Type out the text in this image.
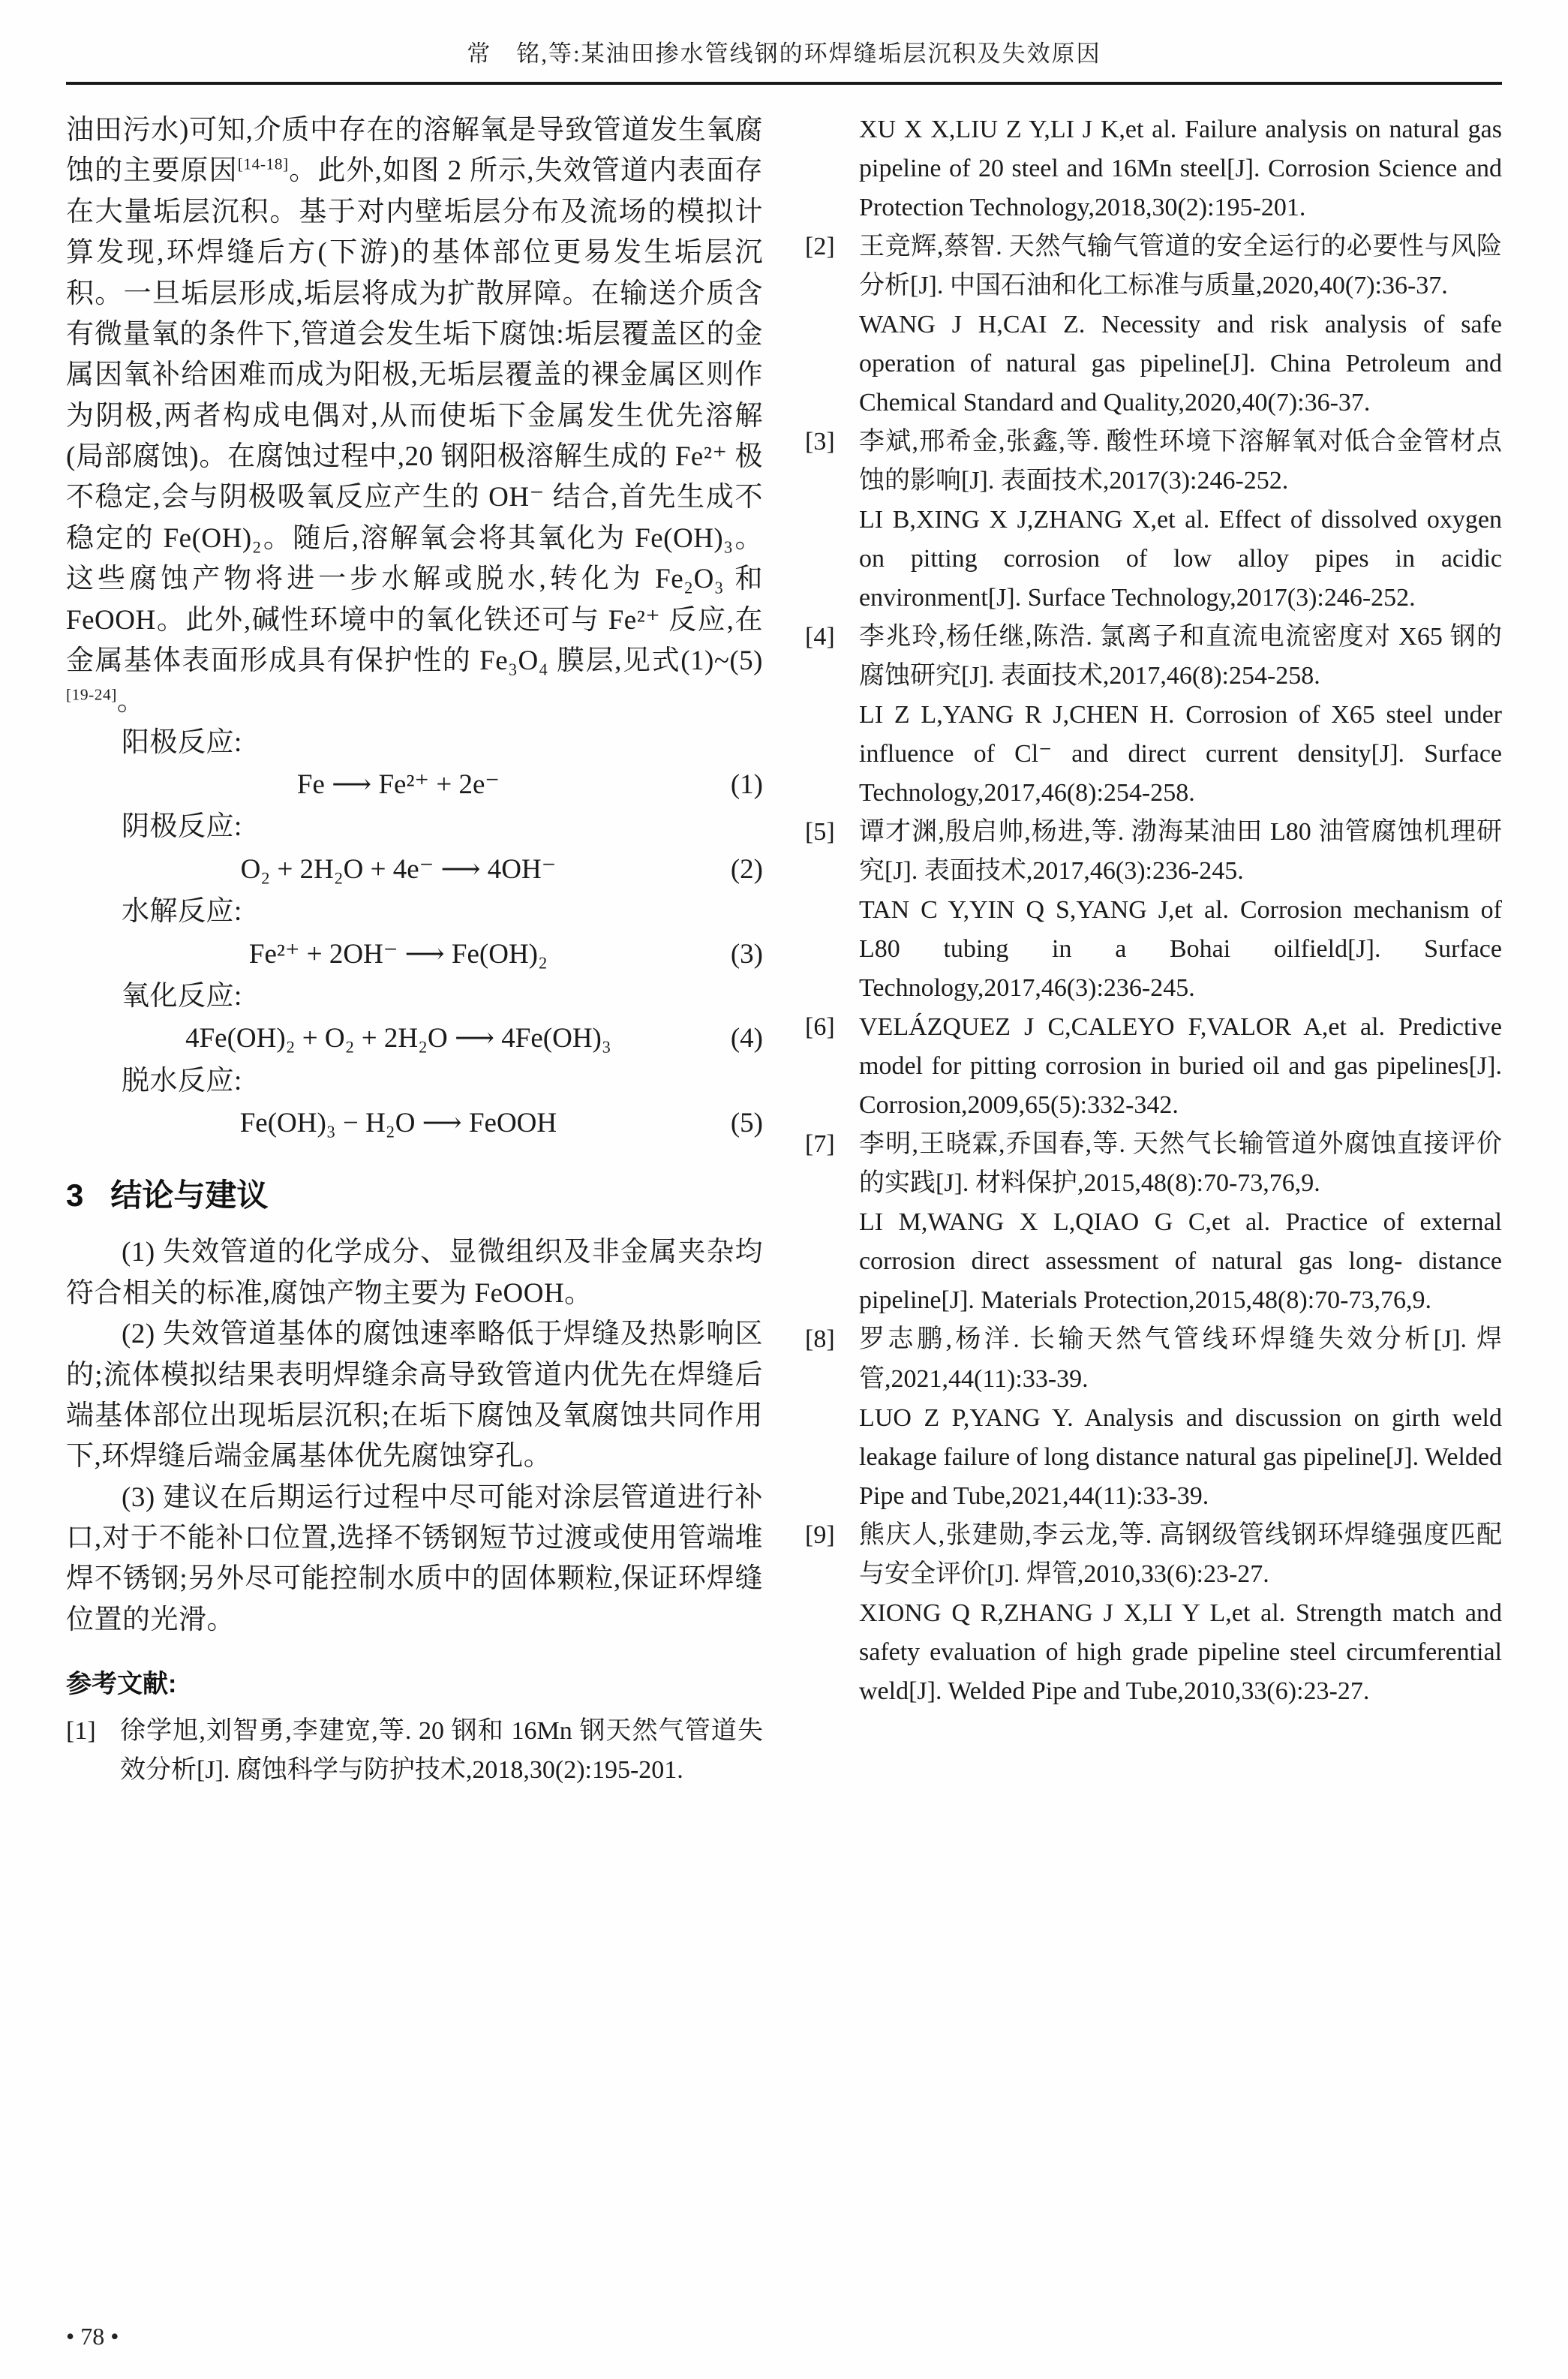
常　铭,等:某油田掺水管线钢的环焊缝垢层沉积及失效原因

油田污水)可知,介质中存在的溶解氧是导致管道发生氧腐蚀的主要原因[14-18]。此外,如图 2 所示,失效管道内表面存在大量垢层沉积。基于对内壁垢层分布及流场的模拟计算发现,环焊缝后方(下游)的基体部位更易发生垢层沉积。一旦垢层形成,垢层将成为扩散屏障。在输送介质含有微量氧的条件下,管道会发生垢下腐蚀:垢层覆盖区的金属因氧补给困难而成为阳极,无垢层覆盖的裸金属区则作为阴极,两者构成电偶对,从而使垢下金属发生优先溶解(局部腐蚀)。在腐蚀过程中,20 钢阳极溶解生成的 Fe²⁺ 极不稳定,会与阴极吸氧反应产生的 OH⁻ 结合,首先生成不稳定的 Fe(OH)₂。随后,溶解氧会将其氧化为 Fe(OH)₃。这些腐蚀产物将进一步水解或脱水,转化为 Fe₂O₃ 和 FeOOH。此外,碱性环境中的氧化铁还可与 Fe²⁺ 反应,在金属基体表面形成具有保护性的 Fe₃O₄ 膜层,见式(1)~(5)[19-24]。

阳极反应:

Fe ⟶ Fe²⁺ + 2e⁻	(1)

阴极反应:

O₂ + 2H₂O + 4e⁻ ⟶ 4OH⁻	(2)

水解反应:

Fe²⁺ + 2OH⁻ ⟶ Fe(OH)₂	(3)

氧化反应:

4Fe(OH)₂ + O₂ + 2H₂O ⟶ 4Fe(OH)₃	(4)

脱水反应:

Fe(OH)₃ − H₂O ⟶ FeOOH	(5)
3 结论与建议

(1) 失效管道的化学成分、显微组织及非金属夹杂均符合相关的标准,腐蚀产物主要为 FeOOH。

(2) 失效管道基体的腐蚀速率略低于焊缝及热影响区的;流体模拟结果表明焊缝余高导致管道内优先在焊缝后端基体部位出现垢层沉积;在垢下腐蚀及氧腐蚀共同作用下,环焊缝后端金属基体优先腐蚀穿孔。

(3) 建议在后期运行过程中尽可能对涂层管道进行补口,对于不能补口位置,选择不锈钢短节过渡或使用管端堆焊不锈钢;另外尽可能控制水质中的固体颗粒,保证环焊缝位置的光滑。

参考文献:
[1] 徐学旭,刘智勇,李建宽,等. 20 钢和 16Mn 钢天然气管道失效分析[J]. 腐蚀科学与防护技术,2018,30(2):195-201.
XU X X,LIU Z Y,LI J K,et al. Failure analysis on natural gas pipeline of 20 steel and 16Mn steel[J]. Corrosion Science and Protection Technology,2018,30(2):195-201.
[2] 王竞辉,蔡智. 天然气输气管道的安全运行的必要性与风险分析[J]. 中国石油和化工标准与质量,2020,40(7):36-37.
WANG J H,CAI Z. Necessity and risk analysis of safe operation of natural gas pipeline[J]. China Petroleum and Chemical Standard and Quality,2020,40(7):36-37.
[3] 李斌,邢希金,张鑫,等. 酸性环境下溶解氧对低合金管材点蚀的影响[J]. 表面技术,2017(3):246-252.
LI B,XING X J,ZHANG X,et al. Effect of dissolved oxygen on pitting corrosion of low alloy pipes in acidic environment[J]. Surface Technology,2017(3):246-252.
[4] 李兆玲,杨任继,陈浩. 氯离子和直流电流密度对 X65 钢的腐蚀研究[J]. 表面技术,2017,46(8):254-258.
LI Z L,YANG R J,CHEN H. Corrosion of X65 steel under influence of Cl⁻ and direct current density[J]. Surface Technology,2017,46(8):254-258.
[5] 谭才渊,殷启帅,杨进,等. 渤海某油田 L80 油管腐蚀机理研究[J]. 表面技术,2017,46(3):236-245.
TAN C Y,YIN Q S,YANG J,et al. Corrosion mechanism of L80 tubing in a Bohai oilfield[J]. Surface Technology,2017,46(3):236-245.
[6] VELÁZQUEZ J C,CALEYO F,VALOR A,et al. Predictive model for pitting corrosion in buried oil and gas pipelines[J]. Corrosion,2009,65(5):332-342.
[7] 李明,王晓霖,乔国春,等. 天然气长输管道外腐蚀直接评价的实践[J]. 材料保护,2015,48(8):70-73,76,9.
LI M,WANG X L,QIAO G C,et al. Practice of external corrosion direct assessment of natural gas long- distance pipeline[J]. Materials Protection,2015,48(8):70-73,76,9.
[8] 罗志鹏,杨洋. 长输天然气管线环焊缝失效分析[J]. 焊管,2021,44(11):33-39.
LUO Z P,YANG Y. Analysis and discussion on girth weld leakage failure of long distance natural gas pipeline[J]. Welded Pipe and Tube,2021,44(11):33-39.
[9] 熊庆人,张建勋,李云龙,等. 高钢级管线钢环焊缝强度匹配与安全评价[J]. 焊管,2010,33(6):23-27.
XIONG Q R,ZHANG J X,LI Y L,et al. Strength match and safety evaluation of high grade pipeline steel circumferential weld[J]. Welded Pipe and Tube,2010,33(6):23-27.
• 78 •
